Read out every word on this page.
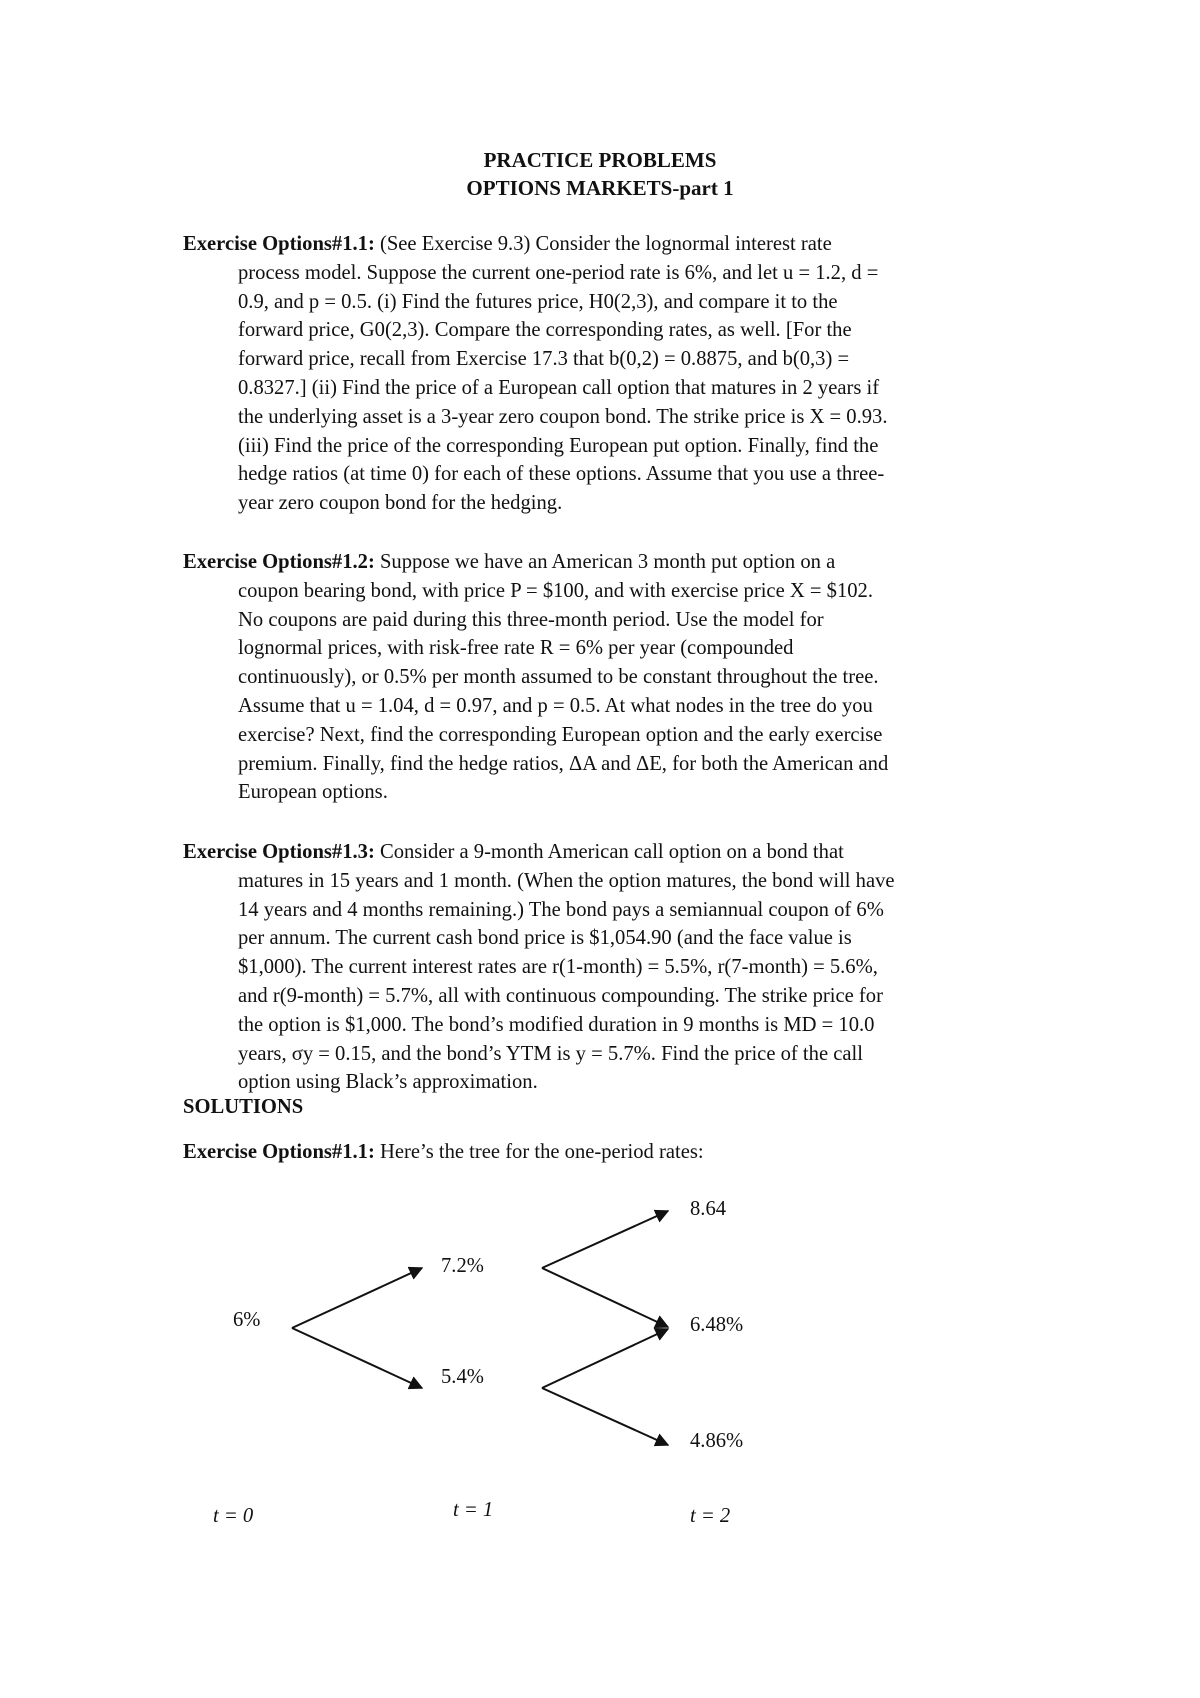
PRACTICE PROBLEMS
OPTIONS MARKETS-part 1
Exercise Options#1.1: (See Exercise 9.3) Consider the lognormal interest rate
process model. Suppose the current one-period rate is 6%, and let u = 1.2, d =
0.9, and p = 0.5. (i) Find the futures price, H0(2,3), and compare it to the
forward price, G0(2,3). Compare the corresponding rates, as well. [For the
forward price, recall from Exercise 17.3 that b(0,2) = 0.8875, and b(0,3) =
0.8327.] (ii) Find the price of a European call option that matures in 2 years if
the underlying asset is a 3-year zero coupon bond. The strike price is X = 0.93.
(iii) Find the price of the corresponding European put option. Finally, find the
hedge ratios (at time 0) for each of these options. Assume that you use a three-
year zero coupon bond for the hedging.
Exercise Options#1.2: Suppose we have an American 3 month put option on a
coupon bearing bond, with price P = $100, and with exercise price X = $102.
No coupons are paid during this three-month period. Use the model for
lognormal prices, with risk-free rate R = 6% per year (compounded
continuously), or 0.5% per month assumed to be constant throughout the tree.
Assume that u = 1.04, d = 0.97, and p = 0.5. At what nodes in the tree do you
exercise? Next, find the corresponding European option and the early exercise
premium. Finally, find the hedge ratios, ΔA and ΔE, for both the American and
European options.
Exercise Options#1.3: Consider a 9-month American call option on a bond that
matures in 15 years and 1 month. (When the option matures, the bond will have
14 years and 4 months remaining.) The bond pays a semiannual coupon of 6%
per annum. The current cash bond price is $1,054.90 (and the face value is
$1,000). The current interest rates are r(1-month) = 5.5%, r(7-month) = 5.6%,
and r(9-month) = 5.7%, all with continuous compounding. The strike price for
the option is $1,000. The bond’s modified duration in 9 months is MD = 10.0
years, σy = 0.15, and the bond’s YTM is y = 5.7%. Find the price of the call
option using Black’s approximation.
SOLUTIONS
Exercise Options#1.1: Here’s the tree for the one-period rates:
6%
7.2%
5.4%
8.64
6.48%
4.86%
t = 0	t = 1	t = 2
